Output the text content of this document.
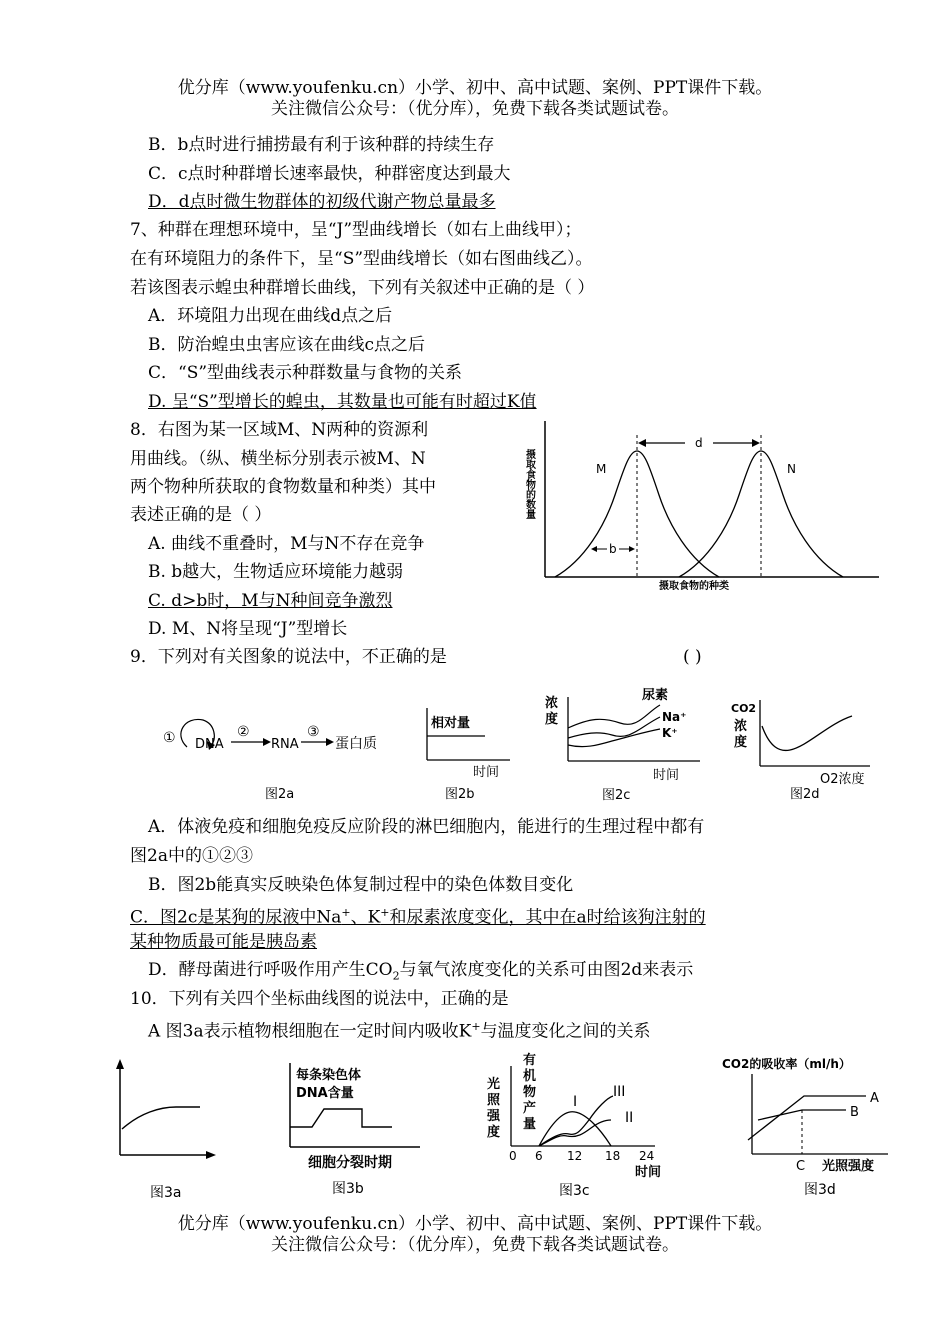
优分库（www.youfenku.cn）小学、初中、高中试题、案例、PPT课件下载。
关注微信公众号：（优分库），免费下载各类试题试卷。
B．b点时进行捕捞最有利于该种群的持续生存
C．c点时种群增长速率最快，种群密度达到最大
D．d点时微生物群体的初级代谢产物总量最多
7、种群在理想环境中，呈“J”型曲线增长（如右上曲线甲）；
在有环境阻力的条件下，呈“S”型曲线增长（如右图曲线乙）。
若该图表示蝗虫种群增长曲线，下列有关叙述中正确的是（ ）
A．环境阻力出现在曲线d点之后
B．防治蝗虫虫害应该在曲线c点之后
C．“S”型曲线表示种群数量与食物的关系
D. 呈“S”型增长的蝗虫，其数量也可能有时超过K值
8．右图为某一区域M、N两种的资源利
用曲线。（纵、横坐标分别表示被M、N
两个物种所获取的食物数量和种类）其中
表述正确的是（ ）
A. 曲线不重叠时，M与N不存在竞争
B. b越大，生物适应环境能力越弱
C. d>b时，M与N种间竞争激烈
D. M、N将呈现“J”型增长
摄取食物的数量
d
b
M	N
摄取食物的种类
9．下列对有关图象的说法中，不正确的是	( )
① DNA
②
RNA
③
蛋白质
图2a
相对量
时间
图2b
浓
度
尿素
Na⁺
K⁺
时间
图2c
CO2
浓
度
O2浓度
图2d
A．体液免疫和细胞免疫反应阶段的淋巴细胞内，能进行的生理过程中都有
图2a中的①②③
B．图2b能真实反映染色体复制过程中的染色体数目变化
C．图2c是某狗的尿液中Na+、K+和尿素浓度变化，其中在a时给该狗注射的
某种物质最可能是胰岛素
D．酵母菌进行呼吸作用产生$CO_2$与氧气浓度变化的关系可由图2d来表示
10．下列有关四个坐标曲线图的说法中，正确的是
A 图3a表示植物根细胞在一定时间内吸收K+与温度变化之间的关系
图3a
每条染色体
DNA含量
细胞分裂时期
图3b
光
照
强
度
有
机
物
产
量
I
III
II
0 6 12 18 24
时间
图3c
CO2的吸收率（ml/h）
A
B
C 光照强度
图3d
优分库（www.youfenku.cn）小学、初中、高中试题、案例、PPT课件下载。
关注微信公众号：（优分库），免费下载各类试题试卷。
